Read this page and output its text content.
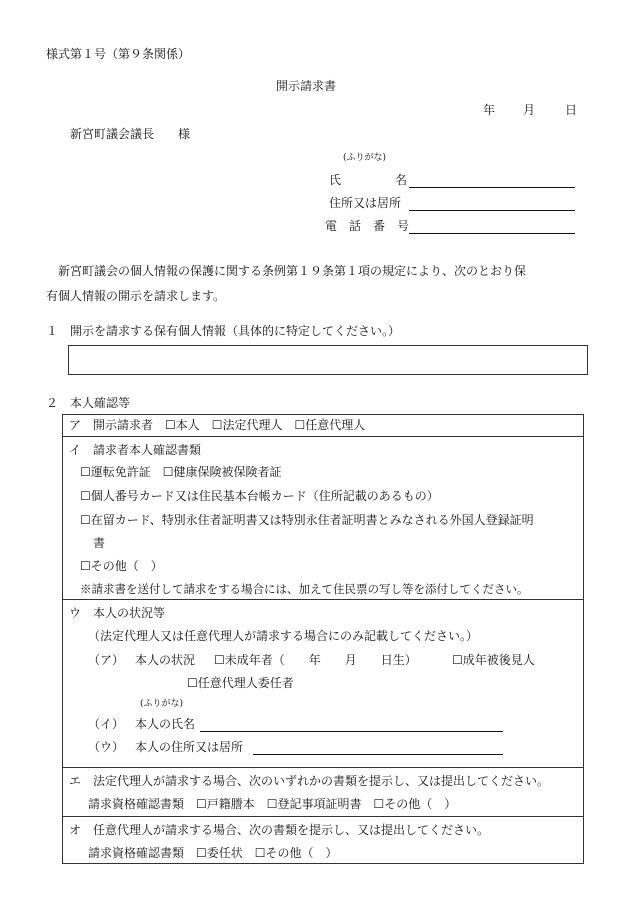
様式第１号（第９条関係）
開示請求書
年 月 日
新宮町議会議長　　様
(ふりがな)
氏	名
住所又は居所
電　話　番　号
新宮町議会の個人情報の保護に関する条例第１９条第１項の規定により、次のとおり保
有個人情報の開示を請求します。
１　開示を請求する保有個人情報（具体的に特定してください。）
２　本人確認等
ア　開示請求者　☐本人　☐法定代理人　☐任意代理人
イ　請求者本人確認書類
☐運転免許証　☐健康保険被保険者証
☐個人番号カード又は住民基本台帳カード（住所記載のあるもの）
☐在留カード、特別永住者証明書又は特別永住者証明書とみなされる外国人登録証明
書
☐その他（　）
※請求書を送付して請求をする場合には、加えて住民票の写し等を添付してください。
ウ　本人の状況等
（法定代理人又は任意代理人が請求する場合にのみ記載してください。）
（ア） 本人の状況 ☐未成年者（　　年　　月　　日生）	☐成年被後見人
☐任意代理人委任者
(ふりがな)
（イ） 本人の氏名
（ウ） 本人の住所又は居所
エ　法定代理人が請求する場合、次のいずれかの書類を提示し、又は提出してください。
請求資格確認書類　☐戸籍謄本　☐登記事項証明書　☐その他（　）
オ　任意代理人が請求する場合、次の書類を提示し、又は提出してください。
請求資格確認書類　☐委任状　☐その他（　）
